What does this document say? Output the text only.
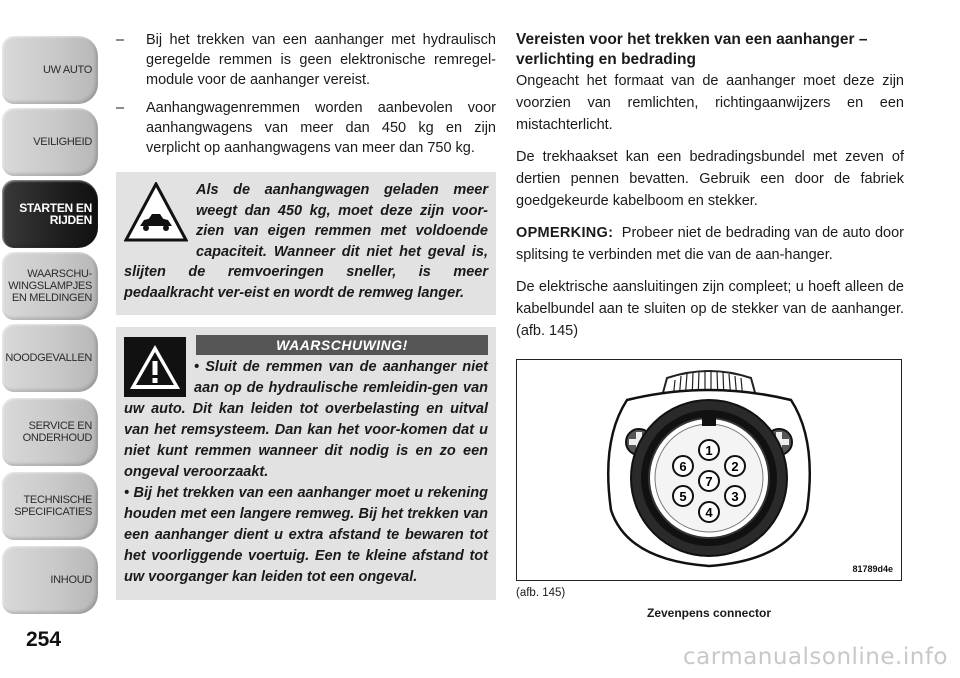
UW AUTO
VEILIGHEID
STARTEN EN
RIJDEN
WAARSCHU-
WINGSLAMPJES
EN MELDINGEN
NOODGEVALLEN
SERVICE EN
ONDERHOUD
TECHNISCHE
SPECIFICATIES
INHOUD
254
– Bij het trekken van een aanhanger met hydraulisch geregelde remmen is geen elektronische remregel-module voor de aanhanger vereist.
– Aanhangwagenremmen worden aanbevolen voor aanhangwagens van meer dan 450 kg en zijn verplicht op aanhangwagens van meer dan 750 kg.
Als de aanhangwagen geladen meer weegt dan 450 kg, moet deze zijn voor-zien van eigen remmen met voldoende capaciteit. Wanneer dit niet het geval is, slijten de remvoeringen sneller, is meer pedaalkracht ver-eist en wordt de remweg langer.
WAARSCHUWING!

• Sluit de remmen van de aanhanger niet aan op de hydraulische remleidin-gen van uw auto. Dit kan leiden tot overbelasting en uitval van het remsysteem. Dan kan het voor-komen dat u niet kunt remmen wanneer dit nodig is en zo een ongeval veroorzaakt.

• Bij het trekken van een aanhanger moet u rekening houden met een langere remweg. Bij het trekken van een aanhanger dient u extra afstand te bewaren tot het voorliggende voertuig. Een te kleine afstand tot uw voorganger kan leiden tot een ongeval.

Vereisten voor het trekken van een aanhanger – verlichting en bedrading

Ongeacht het formaat van de aanhanger moet deze zijn voorzien van remlichten, richtingaanwijzers en een mistachterlicht.

De trekhaakset kan een bedradingsbundel met zeven of dertien pennen bevatten. Gebruik een door de fabriek goedgekeurde kabelboom en stekker.

OPMERKING: Probeer niet de bedrading van de auto door splitsing te verbinden met die van de aan-hanger.

De elektrische aansluitingen zijn compleet; u hoeft alleen de kabelbundel aan te sluiten op de stekker van de aanhanger. (afb. 145)

1
2
3
4
5
6
7
81789d4e
(afb. 145)
Zevenpens connector
carmanualsonline.info
